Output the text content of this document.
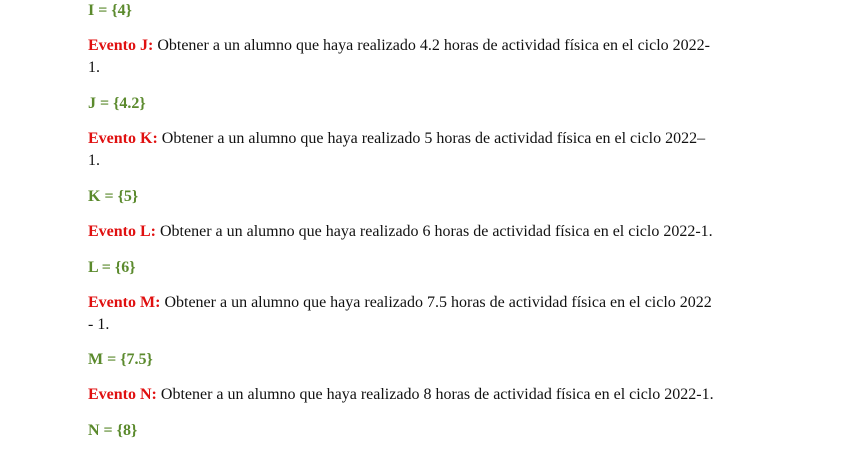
I = {4}
Evento J: Obtener a un alumno que haya realizado 4.2 horas de actividad física en el ciclo 2022-
1.
J = {4.2}
Evento K: Obtener a un alumno que haya realizado 5 horas de actividad física en el ciclo 2022–
1.
K = {5}
Evento L: Obtener a un alumno que haya realizado 6 horas de actividad física en el ciclo 2022-1.
L = {6}
Evento M: Obtener a un alumno que haya realizado 7.5 horas de actividad física en el ciclo 2022
- 1.
M = {7.5}
Evento N: Obtener a un alumno que haya realizado 8 horas de actividad física en el ciclo 2022-1.
N = {8}
